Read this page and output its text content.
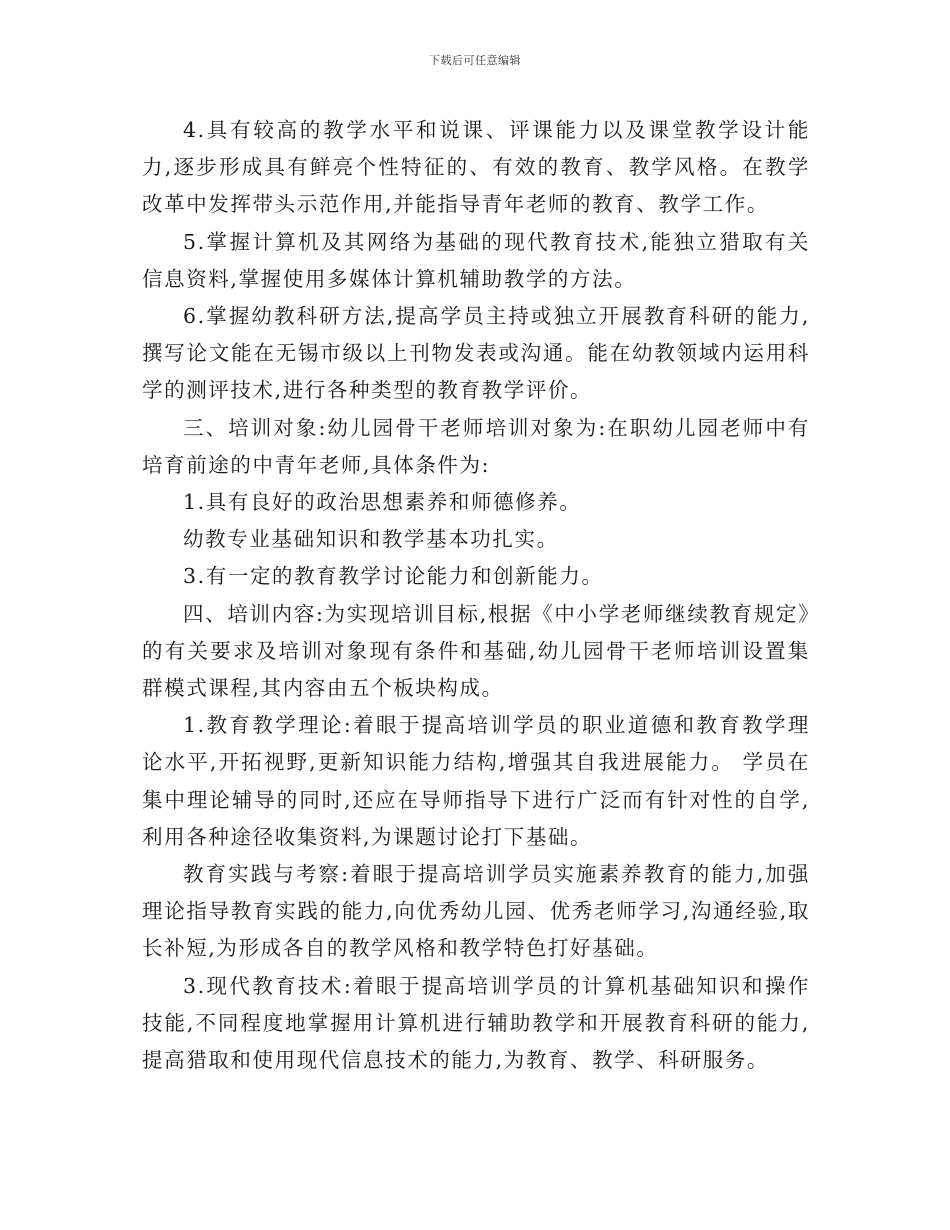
下载后可任意编辑

4.具有较高的教学水平和说课、评课能力以及课堂教学设计能力,逐步形成具有鲜亮个性特征的、有效的教育、教学风格。在教学改革中发挥带头示范作用,并能指导青年老师的教育、教学工作。

5.掌握计算机及其网络为基础的现代教育技术,能独立猎取有关信息资料,掌握使用多媒体计算机辅助教学的方法。

6.掌握幼教科研方法,提高学员主持或独立开展教育科研的能力,撰写论文能在无锡市级以上刊物发表或沟通。能在幼教领域内运用科学的测评技术,进行各种类型的教育教学评价。

三、培训对象:幼儿园骨干老师培训对象为:在职幼儿园老师中有培育前途的中青年老师,具体条件为:

1.具有良好的政治思想素养和师德修养。

幼教专业基础知识和教学基本功扎实。

3.有一定的教育教学讨论能力和创新能力。

四、培训内容:为实现培训目标,根据《中小学老师继续教育规定》的有关要求及培训对象现有条件和基础,幼儿园骨干老师培训设置集群模式课程,其内容由五个板块构成。

1.教育教学理论:着眼于提高培训学员的职业道德和教育教学理论水平,开拓视野,更新知识能力结构,增强其自我进展能力。 学员在集中理论辅导的同时,还应在导师指导下进行广泛而有针对性的自学,利用各种途径收集资料,为课题讨论打下基础。

教育实践与考察:着眼于提高培训学员实施素养教育的能力,加强理论指导教育实践的能力,向优秀幼儿园、优秀老师学习,沟通经验,取长补短,为形成各自的教学风格和教学特色打好基础。

3.现代教育技术:着眼于提高培训学员的计算机基础知识和操作技能,不同程度地掌握用计算机进行辅助教学和开展教育科研的能力,提高猎取和使用现代信息技术的能力,为教育、教学、科研服务。
